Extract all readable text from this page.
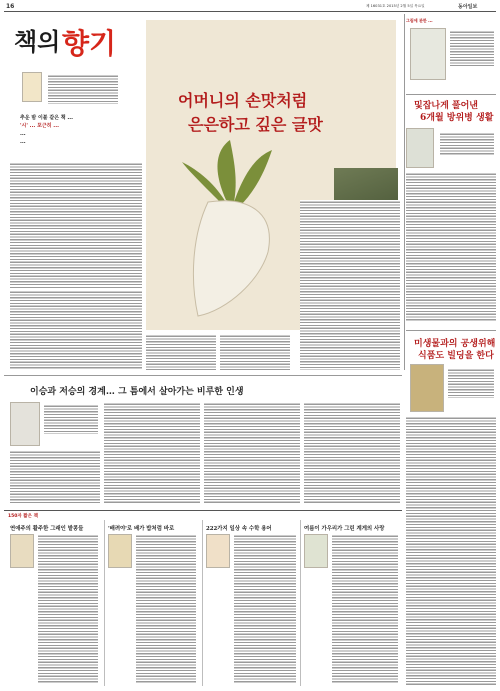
16	제 16031호 2015년 2월 5일 목요일	동아일보
책의 향기
어머니의 손맛처럼
은은하고 깊은 글맛
추운 밤 이불 같은 책 ...
'시' ... 포근히 ...
...
...
그림에 관한 ...
및잡나게 풀어낸
6개월 방위병 생활
미생물과의 공생위해
식품도 빌딩을 한다
이승과 저승의 경계… 그 틈에서 살아가는 비루한 인생
150자 짧은 책
연애주의 활주한 그래인 밭콩들	'배려야'로 배가 밥처럼 바로	222가지 일상 속 수학 용어	여름이 가우리가 그린 계게의 사랑
